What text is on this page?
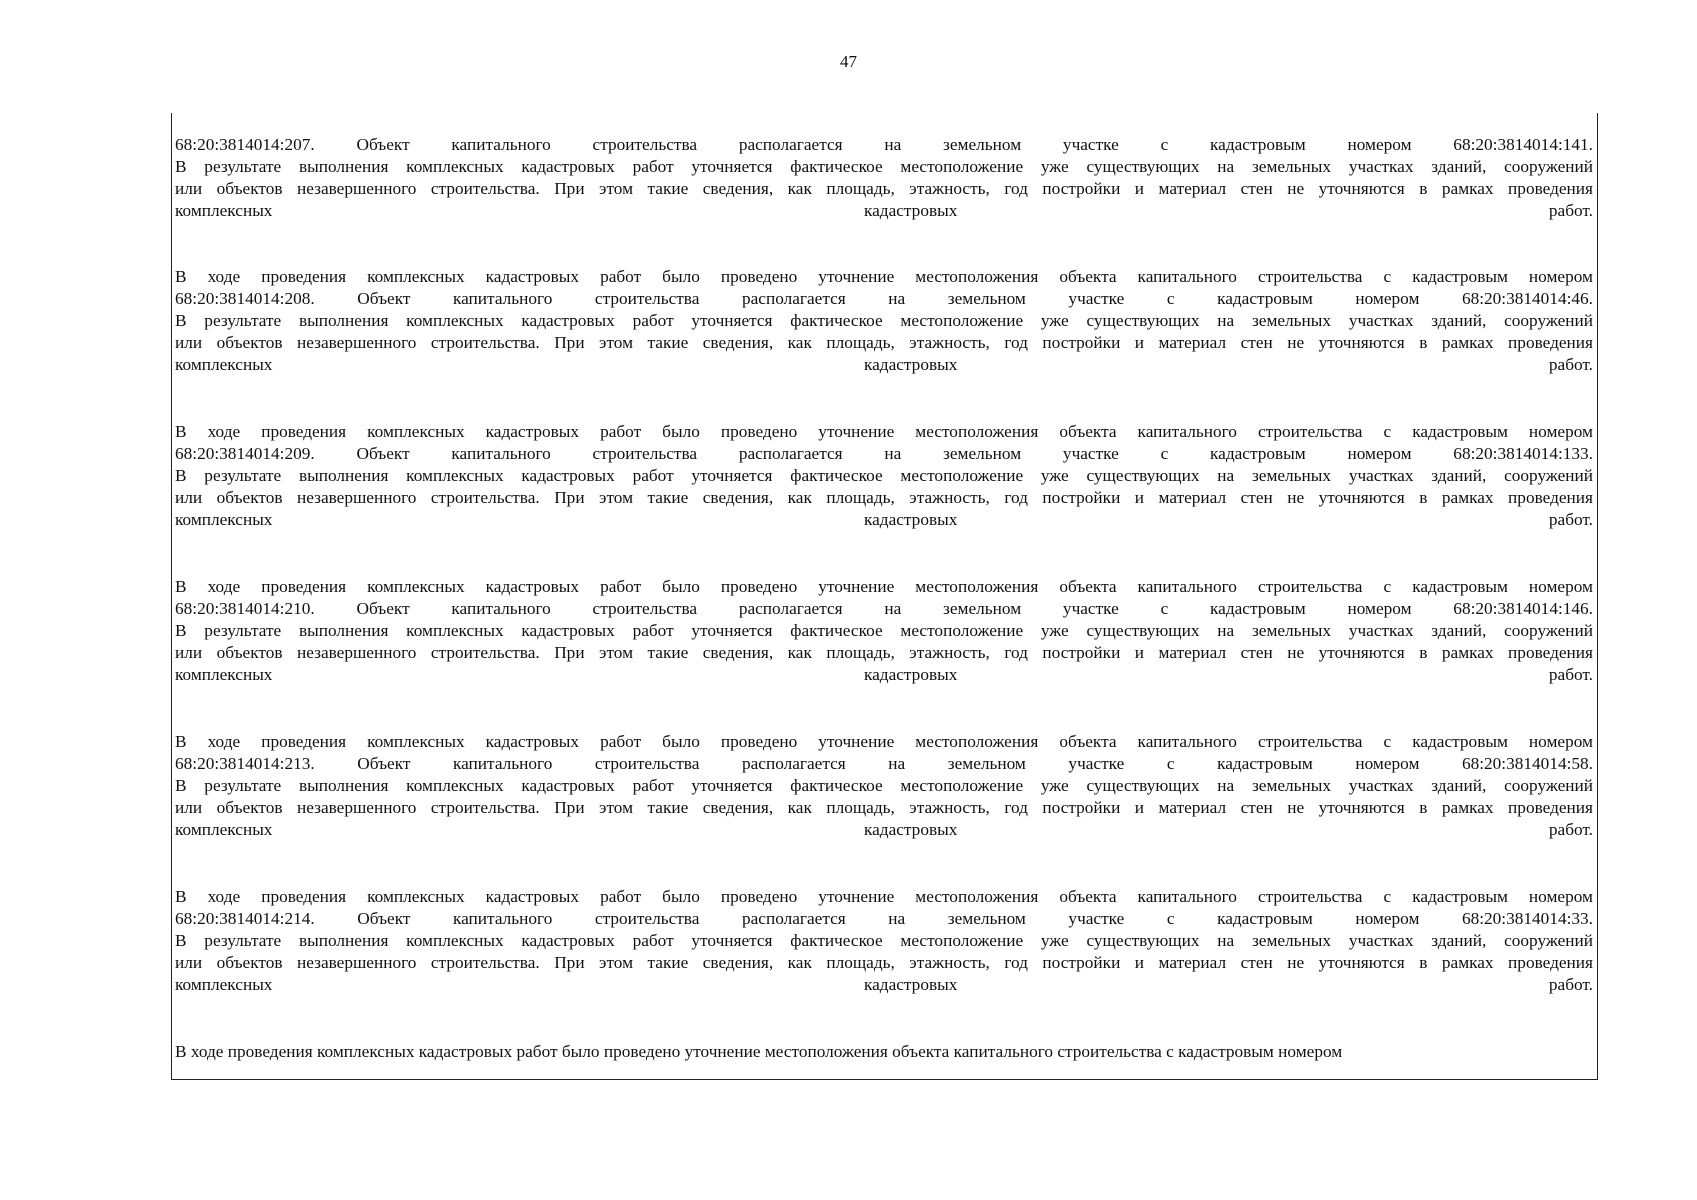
47
68:20:3814014:207. Объект капитального строительства располагается на земельном участке с кадастровым номером 68:20:3814014:141.
В результате выполнения комплексных кадастровых работ уточняется фактическое местоположение уже существующих на земельных участках зданий, сооружений
или объектов незавершенного строительства. При этом такие сведения, как площадь, этажность, год постройки и материал стен не уточняются в рамках проведения
комплексных кадастровых работ.
В ходе проведения комплексных кадастровых работ было проведено уточнение местоположения объекта капитального строительства с кадастровым номером
68:20:3814014:208. Объект капитального строительства располагается на земельном участке с кадастровым номером 68:20:3814014:46.
В результате выполнения комплексных кадастровых работ уточняется фактическое местоположение уже существующих на земельных участках зданий, сооружений
или объектов незавершенного строительства. При этом такие сведения, как площадь, этажность, год постройки и материал стен не уточняются в рамках проведения
комплексных кадастровых работ.
В ходе проведения комплексных кадастровых работ было проведено уточнение местоположения объекта капитального строительства с кадастровым номером
68:20:3814014:209. Объект капитального строительства располагается на земельном участке с кадастровым номером 68:20:3814014:133.
В результате выполнения комплексных кадастровых работ уточняется фактическое местоположение уже существующих на земельных участках зданий, сооружений
или объектов незавершенного строительства. При этом такие сведения, как площадь, этажность, год постройки и материал стен не уточняются в рамках проведения
комплексных кадастровых работ.
В ходе проведения комплексных кадастровых работ было проведено уточнение местоположения объекта капитального строительства с кадастровым номером
68:20:3814014:210. Объект капитального строительства располагается на земельном участке с кадастровым номером 68:20:3814014:146.
В результате выполнения комплексных кадастровых работ уточняется фактическое местоположение уже существующих на земельных участках зданий, сооружений
или объектов незавершенного строительства. При этом такие сведения, как площадь, этажность, год постройки и материал стен не уточняются в рамках проведения
комплексных кадастровых работ.
В ходе проведения комплексных кадастровых работ было проведено уточнение местоположения объекта капитального строительства с кадастровым номером
68:20:3814014:213. Объект капитального строительства располагается на земельном участке с кадастровым номером 68:20:3814014:58.
В результате выполнения комплексных кадастровых работ уточняется фактическое местоположение уже существующих на земельных участках зданий, сооружений
или объектов незавершенного строительства. При этом такие сведения, как площадь, этажность, год постройки и материал стен не уточняются в рамках проведения
комплексных кадастровых работ.
В ходе проведения комплексных кадастровых работ было проведено уточнение местоположения объекта капитального строительства с кадастровым номером
68:20:3814014:214. Объект капитального строительства располагается на земельном участке с кадастровым номером 68:20:3814014:33.
В результате выполнения комплексных кадастровых работ уточняется фактическое местоположение уже существующих на земельных участках зданий, сооружений
или объектов незавершенного строительства. При этом такие сведения, как площадь, этажность, год постройки и материал стен не уточняются в рамках проведения
комплексных кадастровых работ.
В ходе проведения комплексных кадастровых работ было проведено уточнение местоположения объекта капитального строительства с кадастровым номером
